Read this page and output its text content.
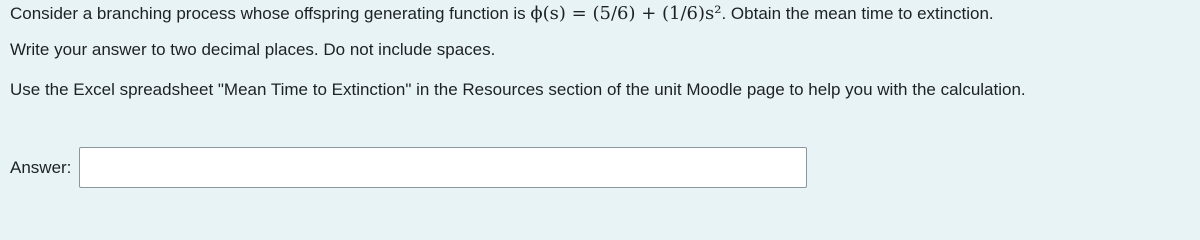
Consider a branching process whose offspring generating function is ϕ(s) = (5/6) + (1/6)s². Obtain the mean time to extinction.
Write your answer to two decimal places. Do not include spaces.
Use the Excel spreadsheet "Mean Time to Extinction" in the Resources section of the unit Moodle page to help you with the calculation.
Answer:
